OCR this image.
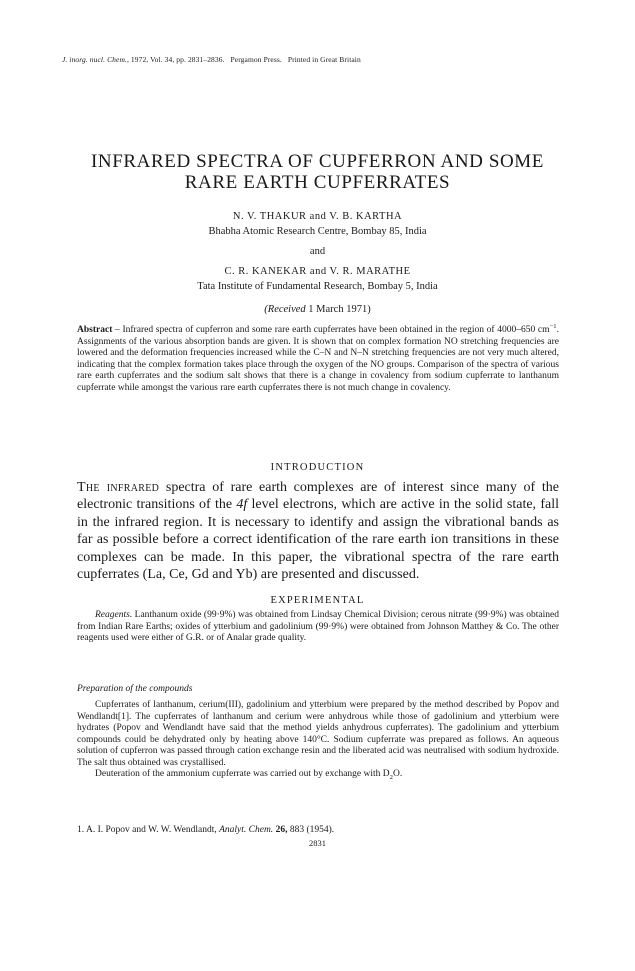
J. inorg. nucl. Chem., 1972, Vol. 34, pp. 2831–2836. Pergamon Press. Printed in Great Britain
INFRARED SPECTRA OF CUPFERRON AND SOME
RARE EARTH CUPFERRATES
N. V. THAKUR and V. B. KARTHA
Bhabha Atomic Research Centre, Bombay 85, India
and
C. R. KANEKAR and V. R. MARATHE
Tata Institute of Fundamental Research, Bombay 5, India
(Received 1 March 1971)
Abstract – Infrared spectra of cupferron and some rare earth cupferrates have been obtained in the region of 4000–650 $cm^{-1}$. Assignments of the various absorption bands are given. It is shown that on complex formation NO stretching frequencies are lowered and the deformation frequencies increased while the C–N and N–N stretching frequencies are not very much altered, indicating that the complex formation takes place through the oxygen of the NO groups. Comparison of the spectra of various rare earth cupferrates and the sodium salt shows that there is a change in covalency from sodium cupferrate to lanthanum cupferrate while amongst the various rare earth cupferrates there is not much change in covalency.
INTRODUCTION
The infrared spectra of rare earth complexes are of interest since many of the electronic transitions of the 4f level electrons, which are active in the solid state, fall in the infrared region. It is necessary to identify and assign the vibrational bands as far as possible before a correct identification of the rare earth ion transitions in these complexes can be made. In this paper, the vibrational spectra of the rare earth cupferrates (La, Ce, Gd and Yb) are presented and discussed.
EXPERIMENTAL
Reagents. Lanthanum oxide (99·9%) was obtained from Lindsay Chemical Division; cerous nitrate (99·9%) was obtained from Indian Rare Earths; oxides of ytterbium and gadolinium (99·9%) were obtained from Johnson Matthey & Co. The other reagents used were either of G.R. or of Analar grade quality.
Preparation of the compounds
Cupferrates of lanthanum, cerium(III), gadolinium and ytterbium were prepared by the method described by Popov and Wendlandt[1]. The cupferrates of lanthanum and cerium were anhydrous while those of gadolinium and ytterbium were hydrates (Popov and Wendlandt have said that the method yields anhydrous cupferrates). The gadolinium and ytterbium compounds could be dehydrated only by heating above 140°C. Sodium cupferrate was prepared as follows. An aqueous solution of cupferron was passed through cation exchange resin and the liberated acid was neutralised with sodium hydroxide. The salt thus obtained was crystallised.
Deuteration of the ammonium cupferrate was carried out by exchange with $D_2O$.
1. A. I. Popov and W. W. Wendlandt, Analyt. Chem. 26, 883 (1954).
2831
